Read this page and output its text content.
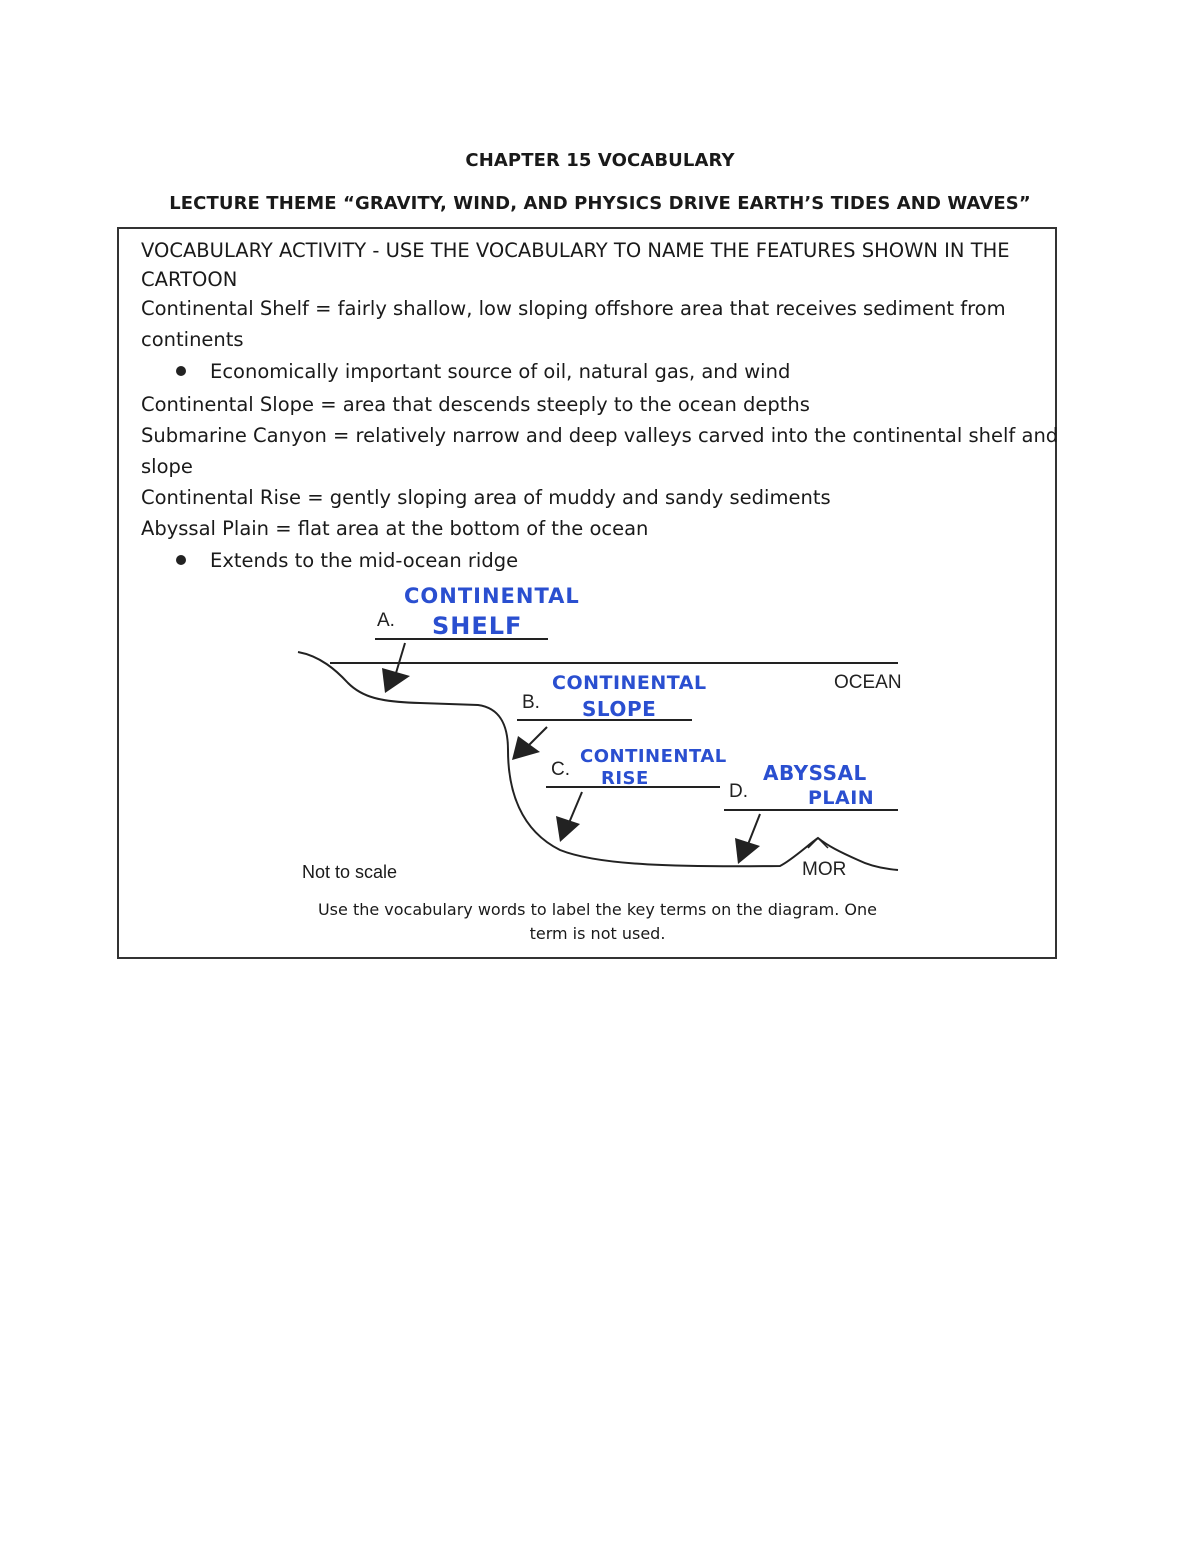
CHAPTER 15 VOCABULARY
LECTURE THEME “GRAVITY, WIND, AND PHYSICS DRIVE EARTH’S TIDES AND WAVES”
VOCABULARY ACTIVITY - USE THE VOCABULARY TO NAME THE FEATURES SHOWN IN THE
CARTOON
Continental Shelf = fairly shallow, low sloping offshore area that receives sediment from
continents
Economically important source of oil, natural gas, and wind
Continental Slope = area that descends steeply to the ocean depths
Submarine Canyon = relatively narrow and deep valleys carved into the continental shelf and
slope
Continental Rise = gently sloping area of muddy and sandy sediments
Abyssal Plain = flat area at the bottom of the ocean
Extends to the mid-ocean ridge
A.
B.
C.
D.
OCEAN
MOR
CONTINENTAL
SHELF
CONTINENTAL
SLOPE
CONTINENTAL
RISE	ABYSSAL
PLAIN
Not to scale
Use the vocabulary words to label the key terms on the diagram. One
term is not used.
